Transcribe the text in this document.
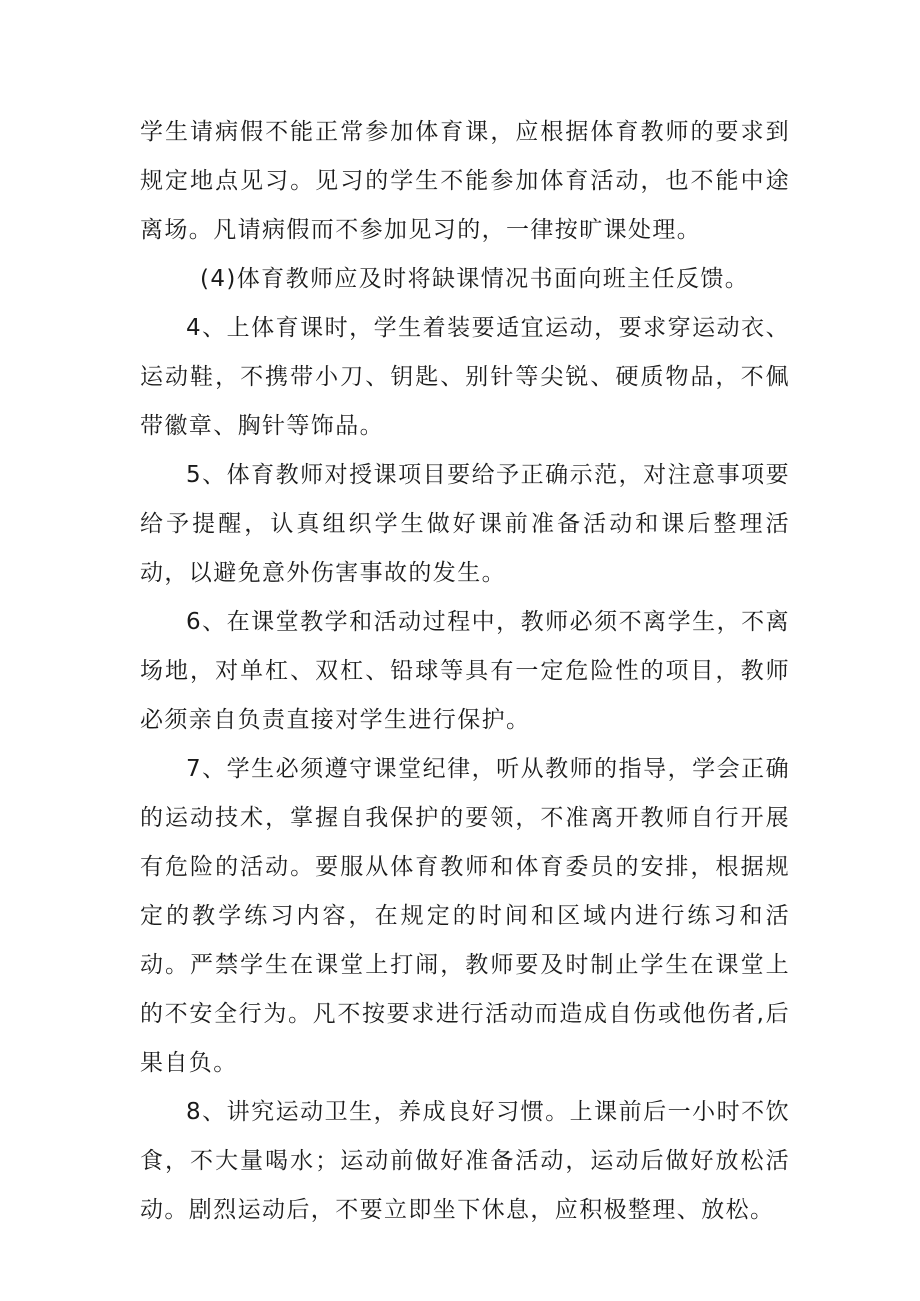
学生请病假不能正常参加体育课，应根据体育教师的要求到规定地点见习。见习的学生不能参加体育活动，也不能中途离场。凡请病假而不参加见习的，一律按旷课处理。

(4)体育教师应及时将缺课情况书面向班主任反馈。

4、上体育课时，学生着装要适宜运动，要求穿运动衣、运动鞋，不携带小刀、钥匙、别针等尖锐、硬质物品，不佩带徽章、胸针等饰品。

5、体育教师对授课项目要给予正确示范，对注意事项要给予提醒，认真组织学生做好课前准备活动和课后整理活动，以避免意外伤害事故的发生。

6、在课堂教学和活动过程中，教师必须不离学生，不离场地，对单杠、双杠、铅球等具有一定危险性的项目，教师必须亲自负责直接对学生进行保护。

7、学生必须遵守课堂纪律，听从教师的指导，学会正确的运动技术，掌握自我保护的要领，不准离开教师自行开展有危险的活动。要服从体育教师和体育委员的安排，根据规定的教学练习内容，在规定的时间和区域内进行练习和活动。严禁学生在课堂上打闹，教师要及时制止学生在课堂上的不安全行为。凡不按要求进行活动而造成自伤或他伤者,后果自负。

8、讲究运动卫生，养成良好习惯。上课前后一小时不饮食，不大量喝水；运动前做好准备活动，运动后做好放松活动。剧烈运动后，不要立即坐下休息，应积极整理、放松。
